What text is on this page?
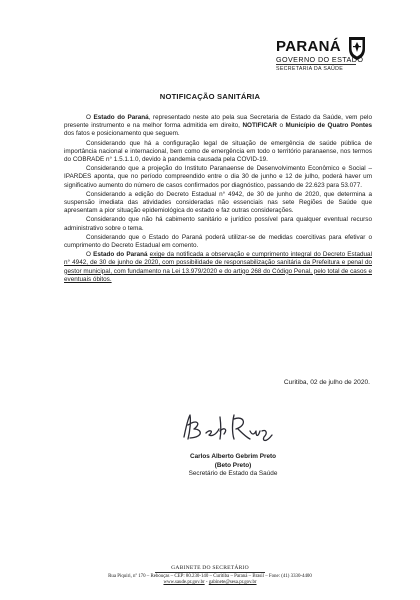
PARANÁ
GOVERNO DO ESTADO
SECRETARIA DA SAÚDE
NOTIFICAÇÃO SANITÁRIA

O Estado do Paraná, representado neste ato pela sua Secretaria de Estado da Saúde, vem pelo presente instrumento e na melhor forma admitida em direito, NOTIFICAR o Município de Quatro Pontes dos fatos e posicionamento que seguem.

Considerando que há a configuração legal de situação de emergência de saúde pública de importância nacional e internacional, bem como de emergência em todo o território paranaense, nos termos do COBRADE n° 1.5.1.1.0, devido à pandemia causada pela COVID-19.

Considerando que a projeção do Instituto Paranaense de Desenvolvimento Econômico e Social – IPARDES aponta, que no período compreendido entre o dia 30 de junho e 12 de julho, poderá haver um significativo aumento do número de casos confirmados por diagnóstico, passando de 22.623 para 53.077.

Considerando a edição do Decreto Estadual n° 4942, de 30 de junho de 2020, que determina a suspensão imediata das atividades consideradas não essenciais nas sete Regiões de Saúde que apresentam a pior situação epidemiológica do estado e faz outras considerações.

Considerando que não há cabimento sanitário e jurídico possível para qualquer eventual recurso administrativo sobre o tema.

Considerando que o Estado do Paraná poderá utilizar-se de medidas coercitivas para efetivar o cumprimento do Decreto Estadual em comento.

O Estado do Paraná exige da notificada a observação e cumprimento integral do Decreto Estadual n° 4942, de 30 de junho de 2020, com possibilidade de responsabilização sanitária da Prefeitura e penal do gestor municipal, com fundamento na Lei 13.979/2020 e do artigo 268 do Código Penal, pelo total de casos e eventuais óbitos.

Curitiba, 02 de julho de 2020.
Carlos Alberto Gebrim Preto
(Beto Preto)
Secretário de Estado da Saúde
GABINETE DO SECRETÁRIO
Rua Piquiri, nº 170 – Rebouças – CEP: 80.230-140 – Curitiba – Paraná – Brasil – Fone: (41) 3330-4400
www.saude.pr.gov.br - gabinete@sesa.pr.gov.br
